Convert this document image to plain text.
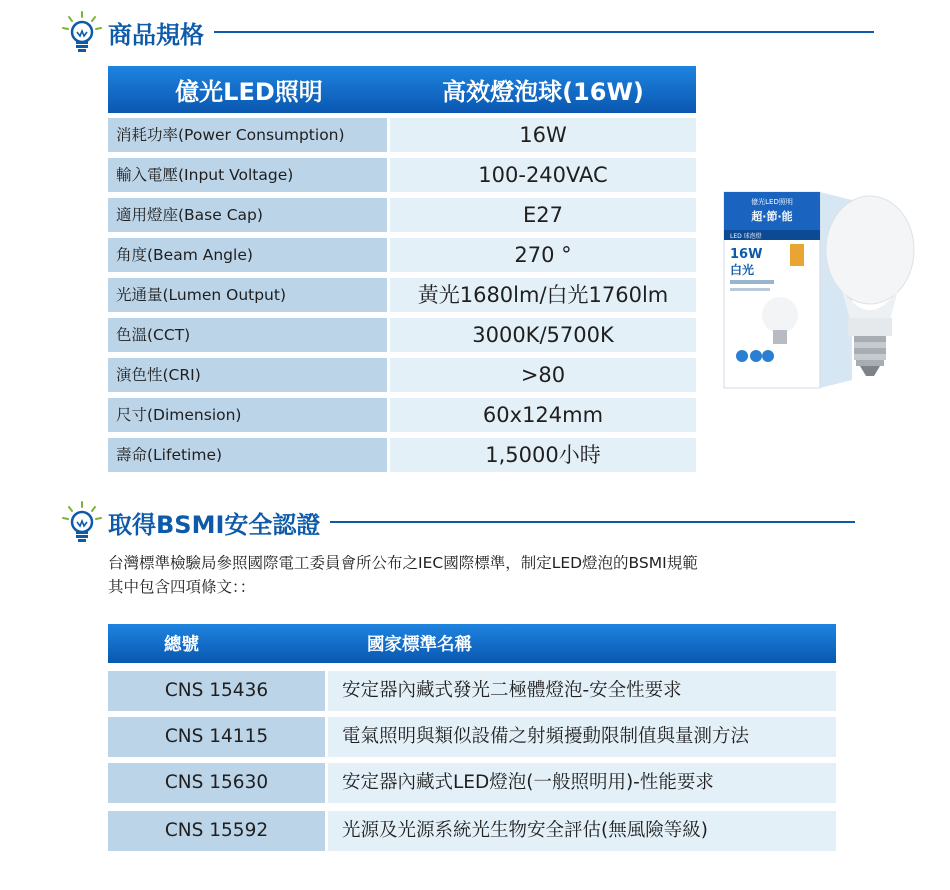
商品規格
億光LED照明	高效燈泡球(16W)
消耗功率(Power Consumption)	16W
輸入電壓(Input Voltage)	100-240VAC
適用燈座(Base Cap)	E27
角度(Beam Angle)	270 °
光通量(Lumen Output)	黃光1680lm/白光1760lm
色溫(CCT)	3000K/5700K
演色性(CRI)	>80
尺寸(Dimension)	60x124mm
壽命(Lifetime)	1,5000小時
億光LED照明
超·節·能
LED 球泡燈
16W
白光
取得BSMI安全認證
台灣標準檢驗局參照國際電工委員會所公布之IEC國際標準，制定LED燈泡的BSMI規範
其中包含四項條文：：
總號	國家標準名稱
CNS 15436	安定器內藏式發光二極體燈泡-安全性要求
CNS 14115	電氣照明與類似設備之射頻擾動限制值與量測方法
CNS 15630	安定器內藏式LED燈泡(一般照明用)-性能要求
CNS 15592	光源及光源系統光生物安全評估(無風險等級)
